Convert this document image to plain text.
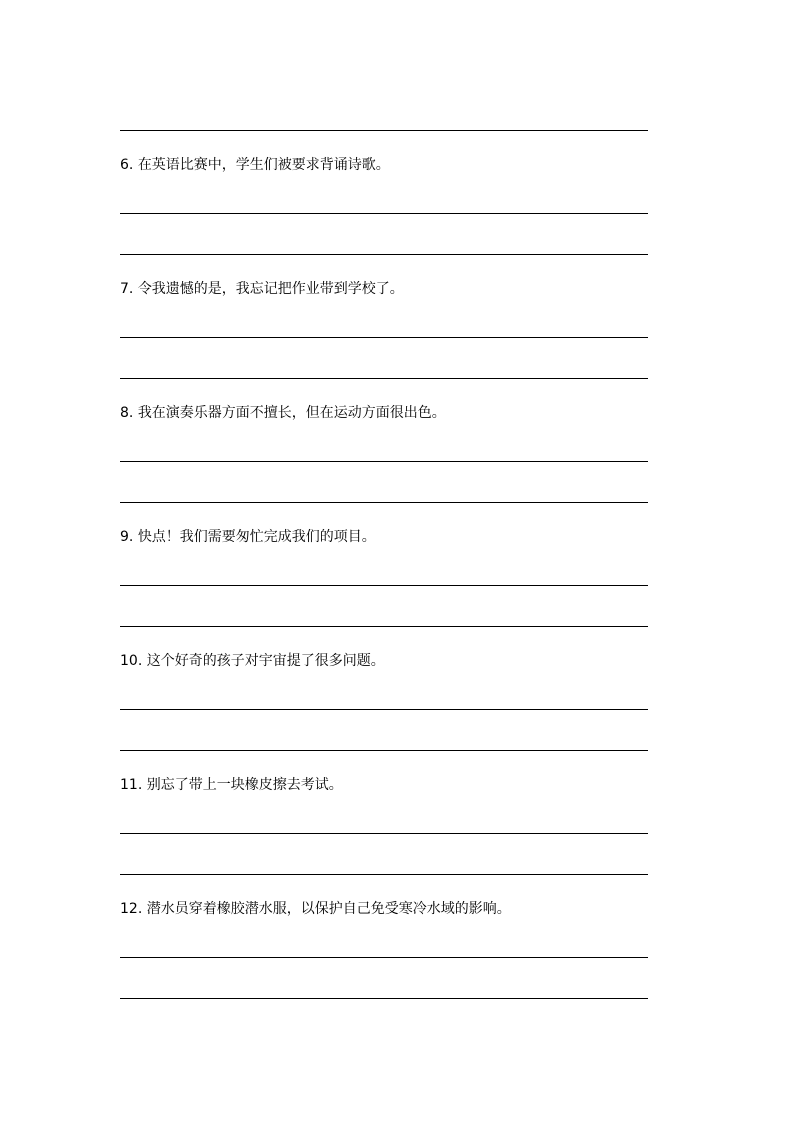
6. 在英语比赛中，学生们被要求背诵诗歌。
7. 令我遗憾的是，我忘记把作业带到学校了。
8. 我在演奏乐器方面不擅长，但在运动方面很出色。
9. 快点！我们需要匆忙完成我们的项目。
10. 这个好奇的孩子对宇宙提了很多问题。
11. 别忘了带上一块橡皮擦去考试。
12. 潜水员穿着橡胶潜水服，以保护自己免受寒冷水域的影响。
